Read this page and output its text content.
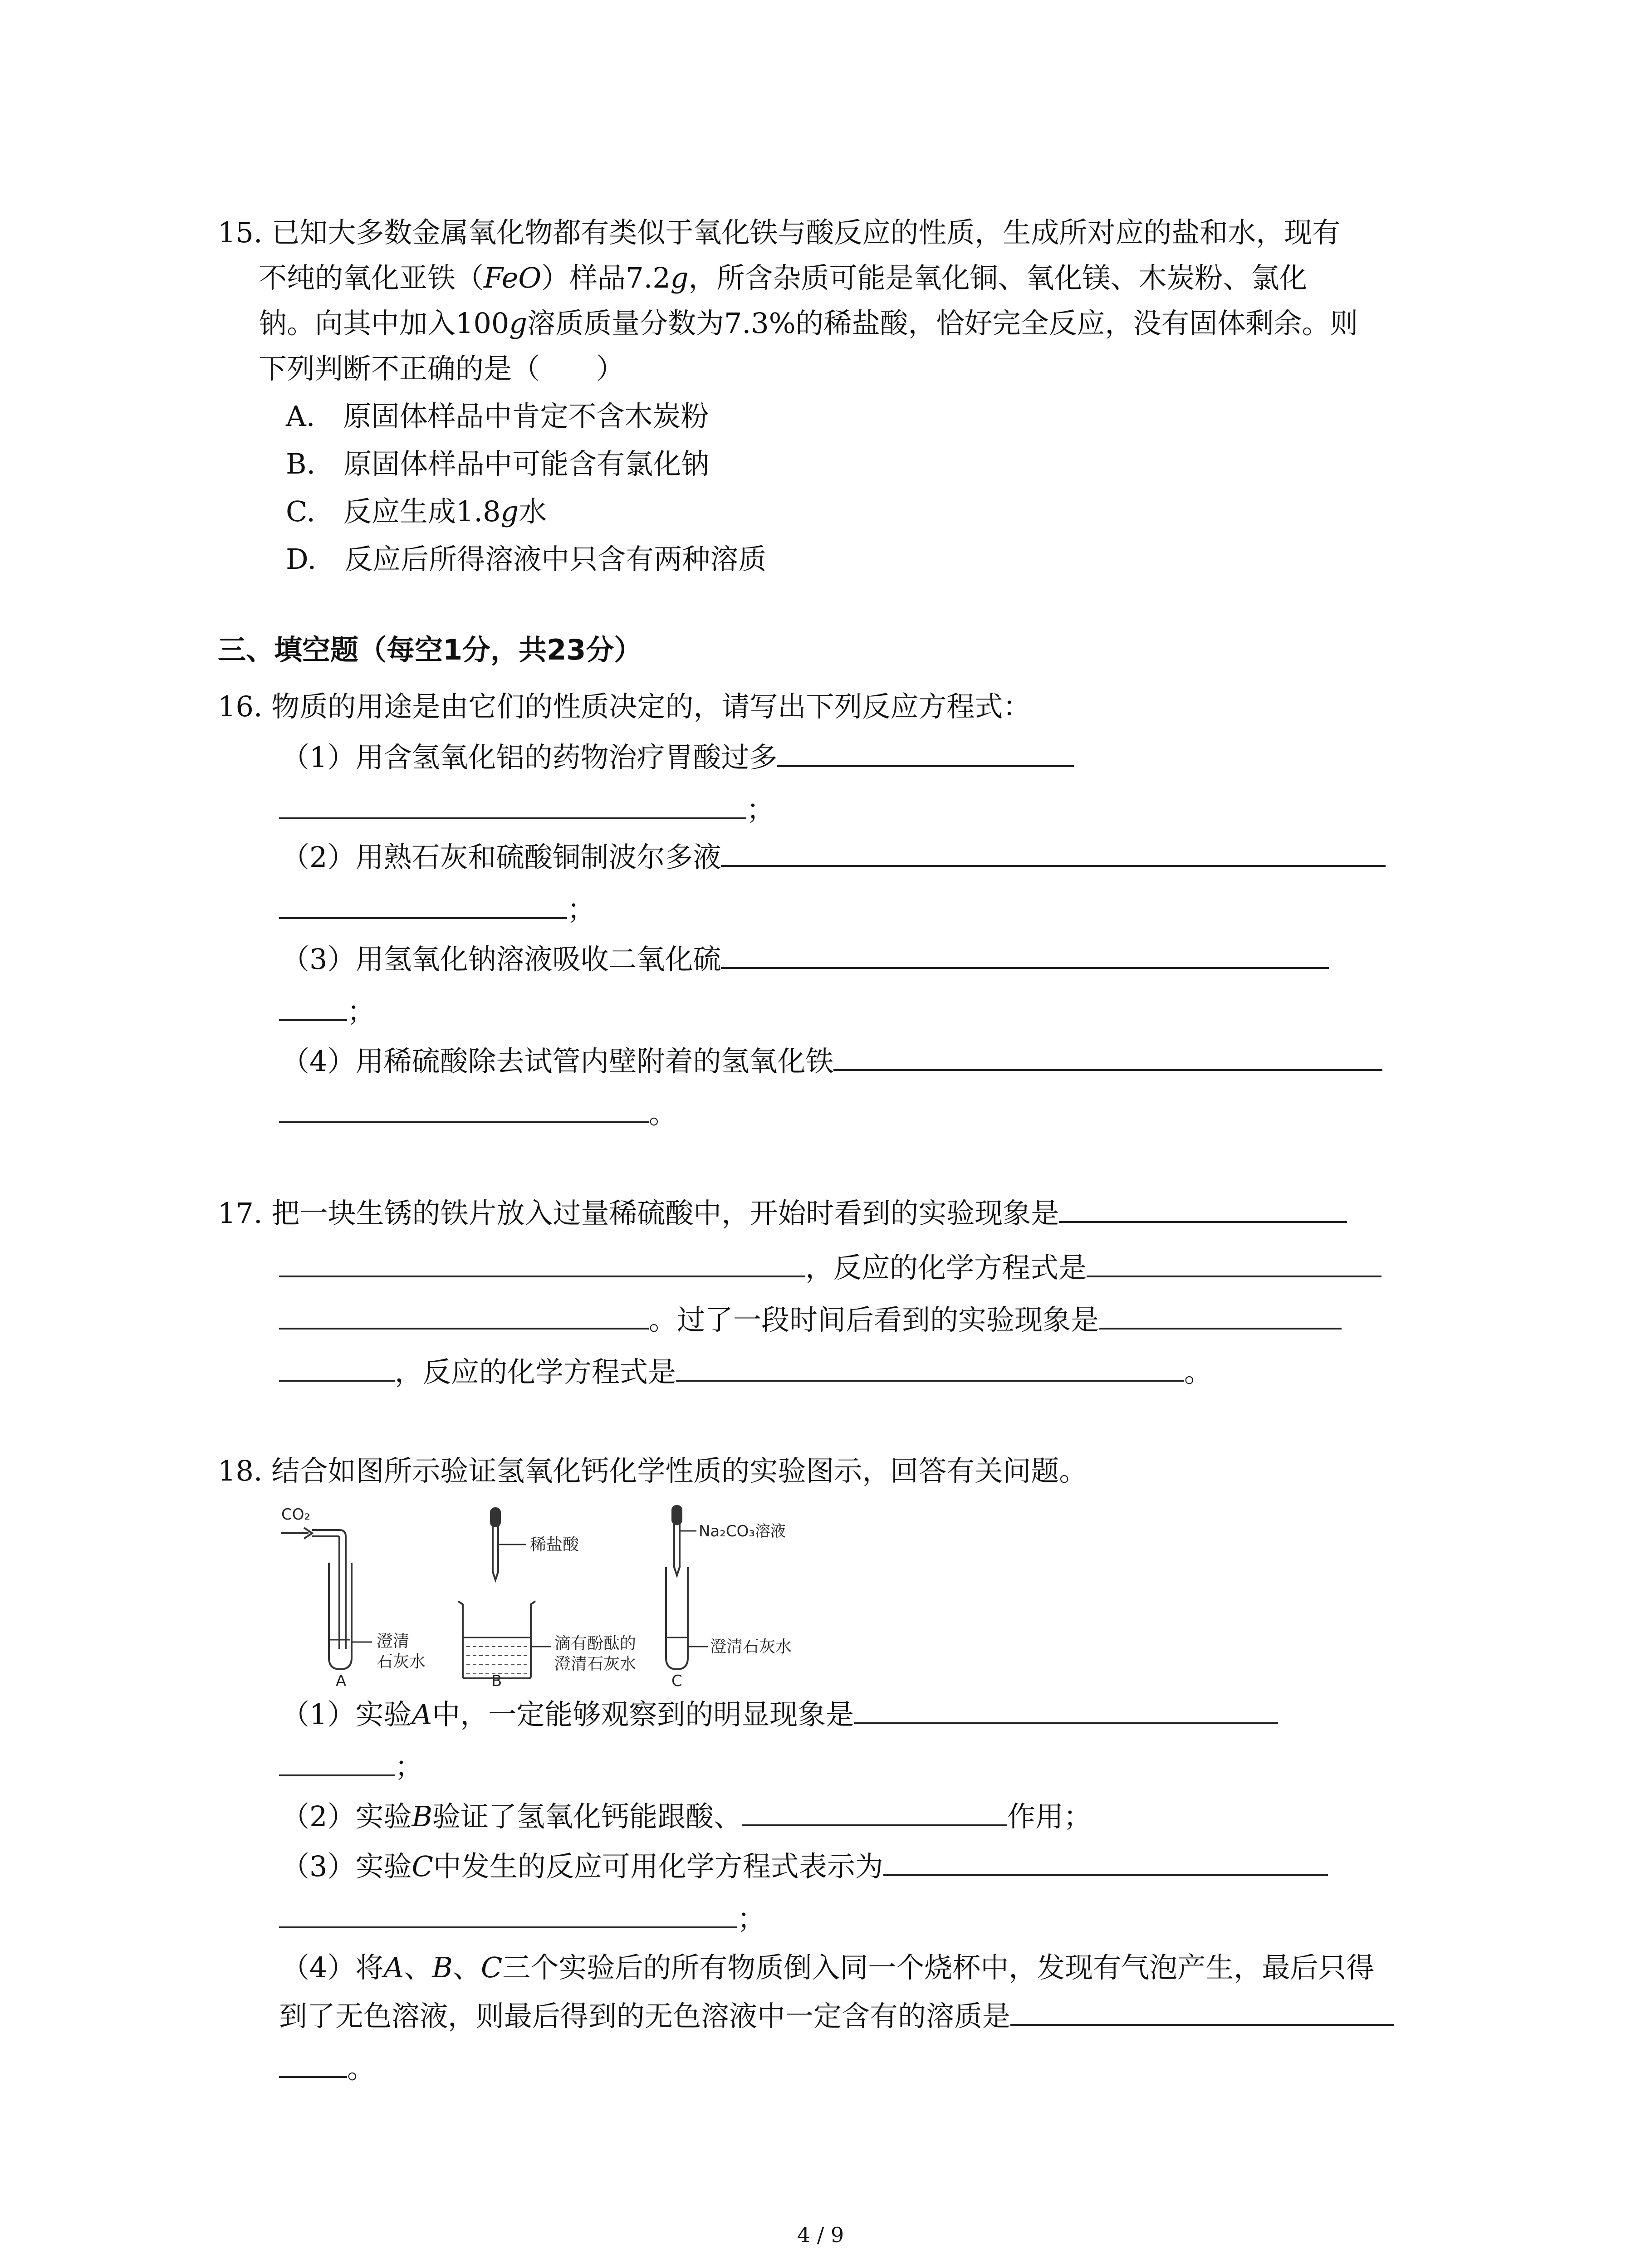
15. 已知大多数金属氧化物都有类似于氧化铁与酸反应的性质，生成所对应的盐和水，现有
不纯的氧化亚铁（FeO）样品7.2g，所含杂质可能是氧化铜、氧化镁、木炭粉、氯化
钠。向其中加入100g溶质质量分数为7.3%的稀盐酸，恰好完全反应，没有固体剩余。则
下列判断不正确的是（　　）
A.　原固体样品中肯定不含木炭粉
B.　原固体样品中可能含有氯化钠
C.　反应生成1.8g水
D.　反应后所得溶液中只含有两种溶质
三、填空题（每空1分，共23分）
16. 物质的用途是由它们的性质决定的，请写出下列反应方程式：
（1）用含氢氧化铝的药物治疗胃酸过多
；
（2）用熟石灰和硫酸铜制波尔多液
；
（3）用氢氧化钠溶液吸收二氧化硫
；
（4）用稀硫酸除去试管内壁附着的氢氧化铁
。
17. 把一块生锈的铁片放入过量稀硫酸中，开始时看到的实验现象是
，反应的化学方程式是
。过了一段时间后看到的实验现象是
，反应的化学方程式是	。
18. 结合如图所示验证氢氧化钙化学性质的实验图示，回答有关问题。
CO₂
澄清
石灰水
A
稀盐酸
滴有酚酞的
澄清石灰水
B
Na₂CO₃溶液
澄清石灰水
C
（1）实验A中，一定能够观察到的明显现象是
；
（2）实验B验证了氢氧化钙能跟酸、	作用；
（3）实验C中发生的反应可用化学方程式表示为
；
（4）将A、B、C三个实验后的所有物质倒入同一个烧杯中，发现有气泡产生，最后只得
到了无色溶液，则最后得到的无色溶液中一定含有的溶质是
。
4 / 9
